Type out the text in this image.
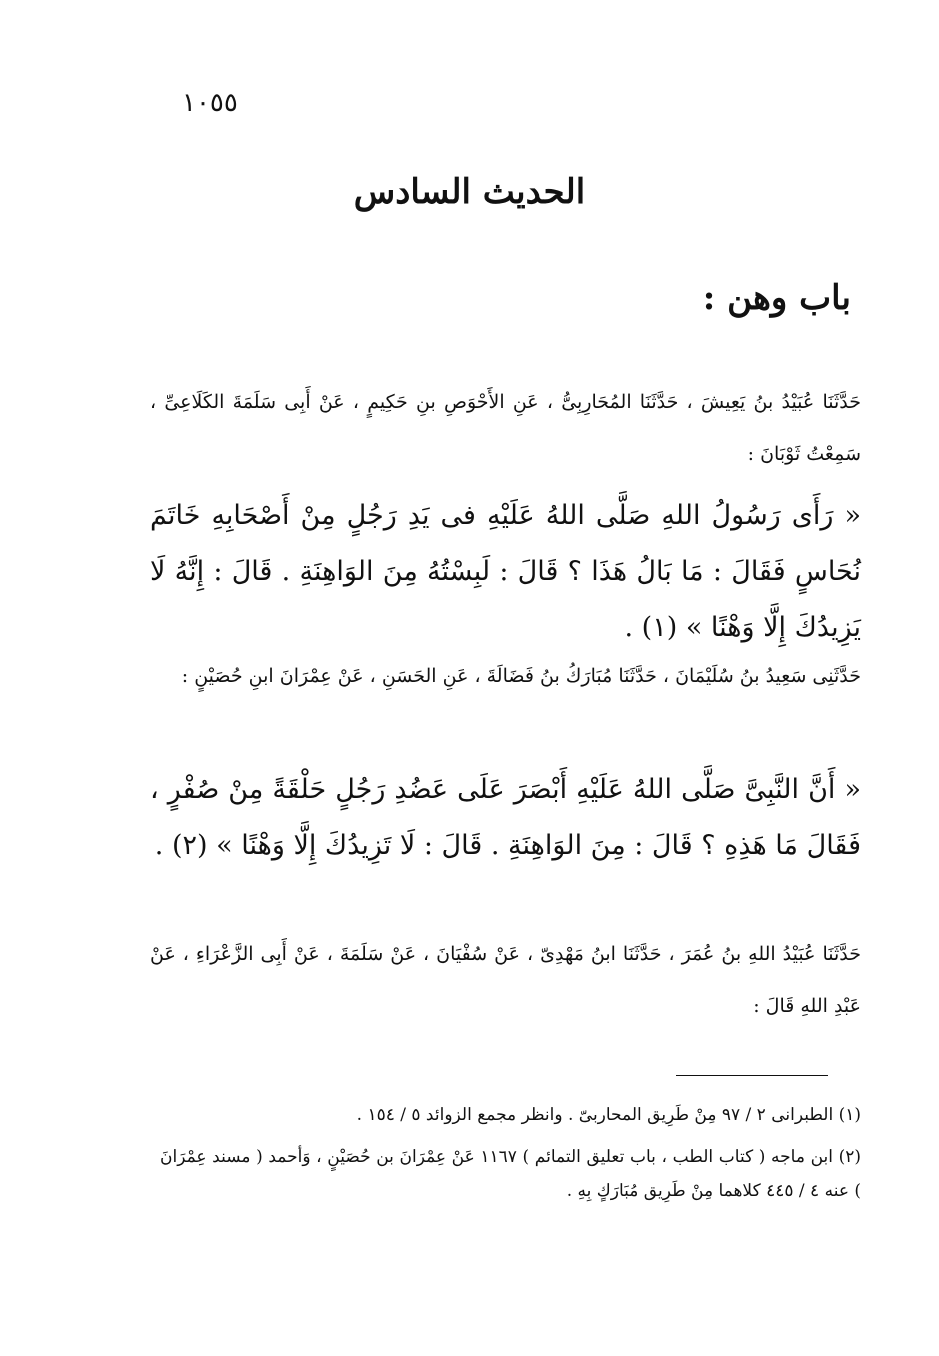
١٠٥٥
الحديث السادس
باب وهن :
حَدَّثَنَا عُبَيْدُ بنُ يَعِيشَ ، حَدَّثَنَا المُحَارِبِىُّ ، عَنِ الأَحْوَصِ بنِ حَكِيمٍ ، عَنْ أَبِى سَلَمَةَ الكَلَاعِىِّ ، سَمِعْتُ ثَوْبَانَ :
« رَأَى رَسُولُ اللهِ صَلَّى اللهُ عَلَيْهِ فى يَدِ رَجُلٍ مِنْ أَصْحَابِهِ خَاتَمَ نُحَاسٍ فَقَالَ : مَا بَالُ هَذَا ؟ قَالَ : لَبِسْتُهُ مِنَ الوَاهِنَةِ . قَالَ : إِنَّهُ لَا يَزِيدُكَ إِلَّا وَهْنًا » (١) .
حَدَّثَنِى سَعِيدُ بنُ سُلَيْمَانَ ، حَدَّثَنَا مُبَارَكُ بنُ فَضَالَةَ ، عَنِ الحَسَنِ ، عَنْ عِمْرَانَ ابنِ حُصَيْنٍ :
« أَنَّ النَّبِىَّ صَلَّى اللهُ عَلَيْهِ أَبْصَرَ عَلَى عَضُدِ رَجُلٍ حَلْقَةً مِنْ صُفْرٍ ، فَقَالَ مَا هَذِهِ ؟ قَالَ : مِنَ الوَاهِنَةِ . قَالَ : لَا تَزِيدُكَ إِلَّا وَهْنًا » (٢) .
حَدَّثَنَا عُبَيْدُ اللهِ بنُ عُمَرَ ، حَدَّثَنَا ابنُ مَهْدِىّ ، عَنْ سُفْيَانَ ، عَنْ سَلَمَةَ ، عَنْ أَبِى الزَّعْرَاءِ ، عَنْ عَبْدِ اللهِ قَالَ :
(١) الطبرانى ٢ / ٩٧ مِنْ طَرِيق المحاربىّ . وانظر مجمع الزوائد ٥ / ١٥٤ .
(٢) ابن ماجه ( كتاب الطب ، باب تعليق التمائم ) ١١٦٧ عَنْ عِمْرَانَ بن حُصَيْنٍ ، وَأحمد ( مسند عِمْرَانَ ) عنه ٤ / ٤٤٥ كلاهما مِنْ طَرِيق مُبَارَكٍ بِهِ .
